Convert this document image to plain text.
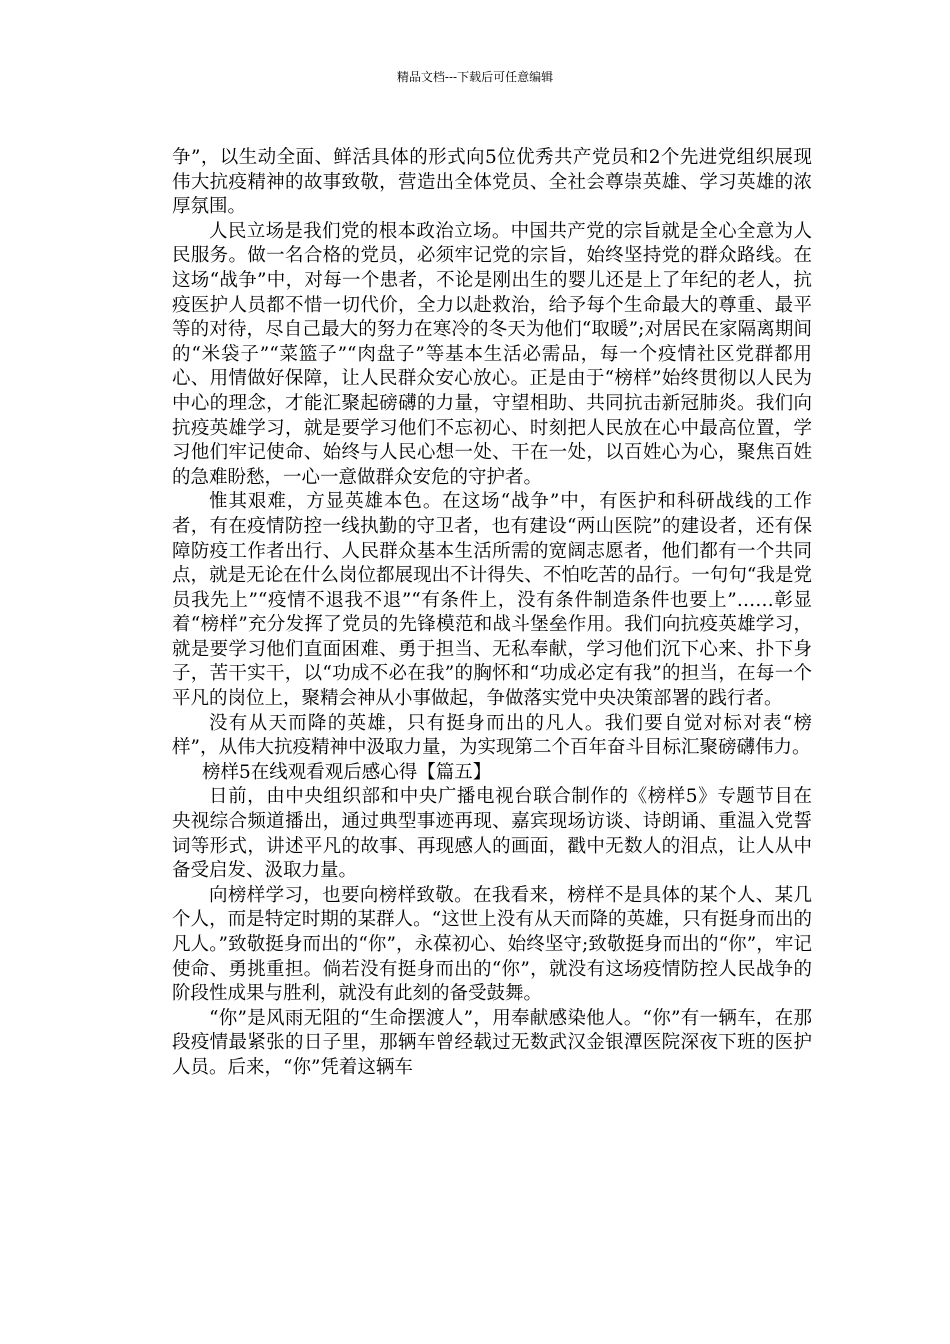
精品文档---下载后可任意编辑

争”，以生动全面、鲜活具体的形式向5位优秀共产党员和2个先进党组织展现伟大抗疫精神的故事致敬，营造出全体党员、全社会尊崇英雄、学习英雄的浓厚氛围。

人民立场是我们党的根本政治立场。中国共产党的宗旨就是全心全意为人民服务。做一名合格的党员，必须牢记党的宗旨，始终坚持党的群众路线。在这场“战争”中，对每一个患者，不论是刚出生的婴儿还是上了年纪的老人，抗疫医护人员都不惜一切代价，全力以赴救治，给予每个生命最大的尊重、最平等的对待，尽自己最大的努力在寒冷的冬天为他们“取暖”;对居民在家隔离期间的“米袋子”“菜篮子”“肉盘子”等基本生活必需品，每一个疫情社区党群都用心、用情做好保障，让人民群众安心放心。正是由于“榜样”始终贯彻以人民为中心的理念，才能汇聚起磅礴的力量，守望相助、共同抗击新冠肺炎。我们向抗疫英雄学习，就是要学习他们不忘初心、时刻把人民放在心中最高位置，学习他们牢记使命、始终与人民心想一处、干在一处，以百姓心为心，聚焦百姓的急难盼愁，一心一意做群众安危的守护者。

惟其艰难，方显英雄本色。在这场“战争”中，有医护和科研战线的工作者，有在疫情防控一线执勤的守卫者，也有建设“两山医院”的建设者，还有保障防疫工作者出行、人民群众基本生活所需的宽阔志愿者，他们都有一个共同点，就是无论在什么岗位都展现出不计得失、不怕吃苦的品行。一句句“我是党员我先上”“疫情不退我不退”“有条件上，没有条件制造条件也要上”……彰显着“榜样”充分发挥了党员的先锋模范和战斗堡垒作用。我们向抗疫英雄学习，就是要学习他们直面困难、勇于担当、无私奉献，学习他们沉下心来、扑下身子，苦干实干，以“功成不必在我”的胸怀和“功成必定有我”的担当，在每一个平凡的岗位上，聚精会神从小事做起，争做落实党中央决策部署的践行者。

没有从天而降的英雄，只有挺身而出的凡人。我们要自觉对标对表“榜样”，从伟大抗疫精神中汲取力量，为实现第二个百年奋斗目标汇聚磅礴伟力。

榜样5在线观看观后感心得【篇五】

日前，由中央组织部和中央广播电视台联合制作的《榜样5》专题节目在央视综合频道播出，通过典型事迹再现、嘉宾现场访谈、诗朗诵、重温入党誓词等形式，讲述平凡的故事、再现感人的画面，戳中无数人的泪点，让人从中备受启发、汲取力量。

向榜样学习，也要向榜样致敬。在我看来，榜样不是具体的某个人、某几个人，而是特定时期的某群人。“这世上没有从天而降的英雄，只有挺身而出的凡人。”致敬挺身而出的“你”，永葆初心、始终坚守;致敬挺身而出的“你”，牢记使命、勇挑重担。倘若没有挺身而出的“你”，就没有这场疫情防控人民战争的阶段性成果与胜利，就没有此刻的备受鼓舞。

“你”是风雨无阻的“生命摆渡人”，用奉献感染他人。“你”有一辆车，在那段疫情最紧张的日子里，那辆车曾经载过无数武汉金银潭医院深夜下班的医护人员。后来，“你”凭着这辆车
